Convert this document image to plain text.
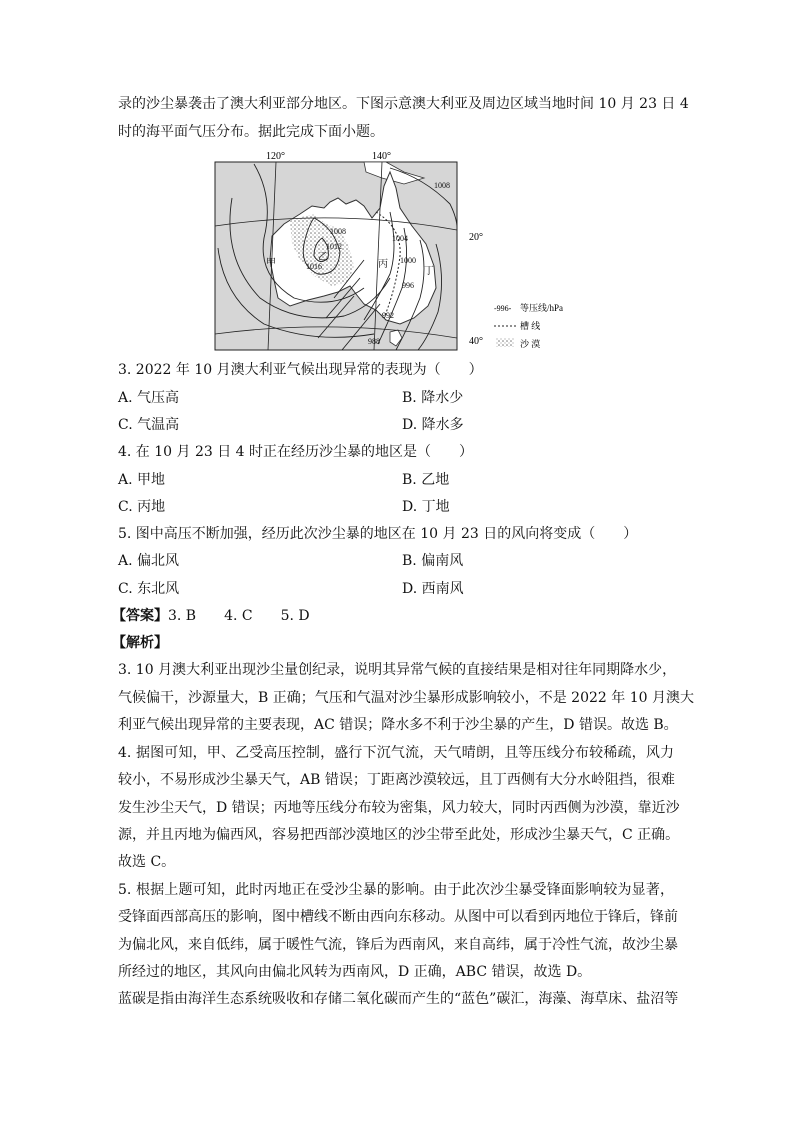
录的沙尘暴袭击了澳大利亚部分地区。下图示意澳大利亚及周边区域当地时间 10 月 23 日 4
时的海平面气压分布。据此完成下面小题。
120°	140°
20°
40°
1008
1008
1012
1016
1004
1000
996
992
988
甲
乙
丙
丁
-996- 等压线/hPa
槽 线
沙 漠
3. 2022 年 10 月澳大利亚气候出现异常的表现为（　　）
A. 气压高	B. 降水少
C. 气温高	D. 降水多
4. 在 10 月 23 日 4 时正在经历沙尘暴的地区是（　　）
A. 甲地	B. 乙地
C. 丙地	D. 丁地
5. 图中高压不断加强，经历此次沙尘暴的地区在 10 月 23 日的风向将变成（　　）
A. 偏北风	B. 偏南风
C. 东北风	D. 西南风
【答案】3. B　　4. C　　5. D
【解析】
3. 10 月澳大利亚出现沙尘量创纪录，说明其异常气候的直接结果是相对往年同期降水少，
气候偏干，沙源量大，B 正确；气压和气温对沙尘暴形成影响较小，不是 2022 年 10 月澳大
利亚气候出现异常的主要表现，AC 错误；降水多不利于沙尘暴的产生，D 错误。故选 B。
4. 据图可知，甲、乙受高压控制，盛行下沉气流，天气晴朗，且等压线分布较稀疏，风力
较小，不易形成沙尘暴天气，AB 错误；丁距离沙漠较远，且丁西侧有大分水岭阻挡，很难
发生沙尘天气，D 错误；丙地等压线分布较为密集，风力较大，同时丙西侧为沙漠，靠近沙
源，并且丙地为偏西风，容易把西部沙漠地区的沙尘带至此处，形成沙尘暴天气，C 正确。
故选 C。
5. 根据上题可知，此时丙地正在受沙尘暴的影响。由于此次沙尘暴受锋面影响较为显著，
受锋面西部高压的影响，图中槽线不断由西向东移动。从图中可以看到丙地位于锋后，锋前
为偏北风，来自低纬，属于暖性气流，锋后为西南风，来自高纬，属于冷性气流，故沙尘暴
所经过的地区，其风向由偏北风转为西南风，D 正确，ABC 错误，故选 D。
蓝碳是指由海洋生态系统吸收和存储二氧化碳而产生的“蓝色”碳汇，海藻、海草床、盐沼等
